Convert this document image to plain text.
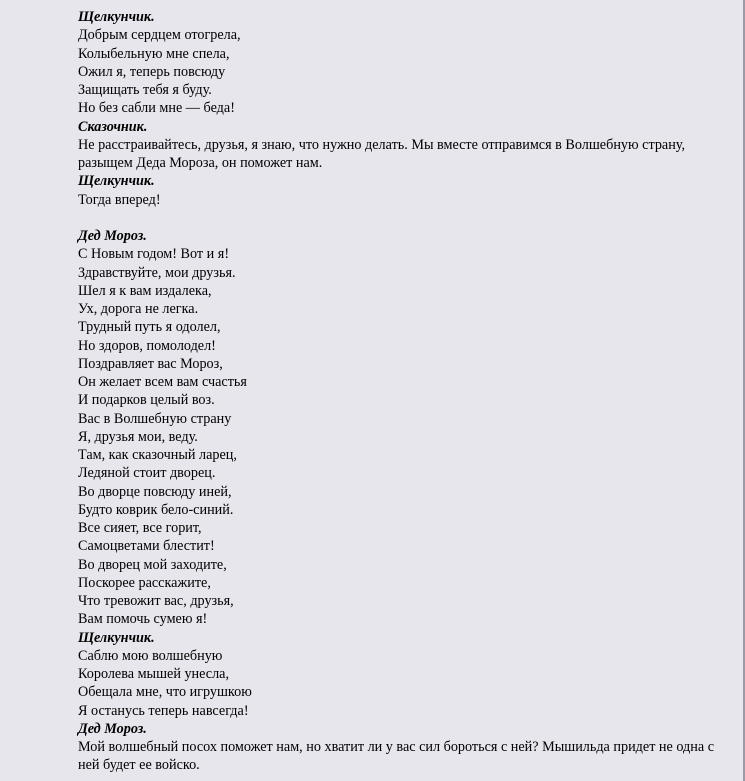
Щелкунчик.
Добрым сердцем отогрела,
Колыбельную мне спела,
Ожил я, теперь повсюду
Защищать тебя я буду.
Но без сабли мне — беда!
Сказочник.
Не расстраивайтесь, друзья, я знаю, что нужно делать. Мы вместе отправимся в Волшебную страну, разыщем Деда Мороза, он поможет нам.
Щелкунчик.
Тогда вперед!
Дед Мороз.
С Новым годом! Вот и я!
Здравствуйте, мои друзья.
Шел я к вам издалека,
Ух, дорога не легка.
Трудный путь я одолел,
Но здоров, помолодел!
Поздравляет вас Мороз,
Он желает всем вам счастья
И подарков целый воз.
Вас в Волшебную страну
Я, друзья мои, веду.
Там, как сказочный ларец,
Ледяной стоит дворец.
Во дворце повсюду иней,
Будто коврик бело-синий.
Все сияет, все горит,
Самоцветами блестит!
Во дворец мой заходите,
Поскорее расскажите,
Что тревожит вас, друзья,
Вам помочь сумею я!
Щелкунчик.
Саблю мою волшебную
Королева мышей унесла,
Обещала мне, что игрушкою
Я останусь теперь навсегда!
Дед Мороз.
Мой волшебный посох поможет нам, но хватит ли у вас сил бороться с ней? Мышильда придет не одна с ней будет ее войско.
